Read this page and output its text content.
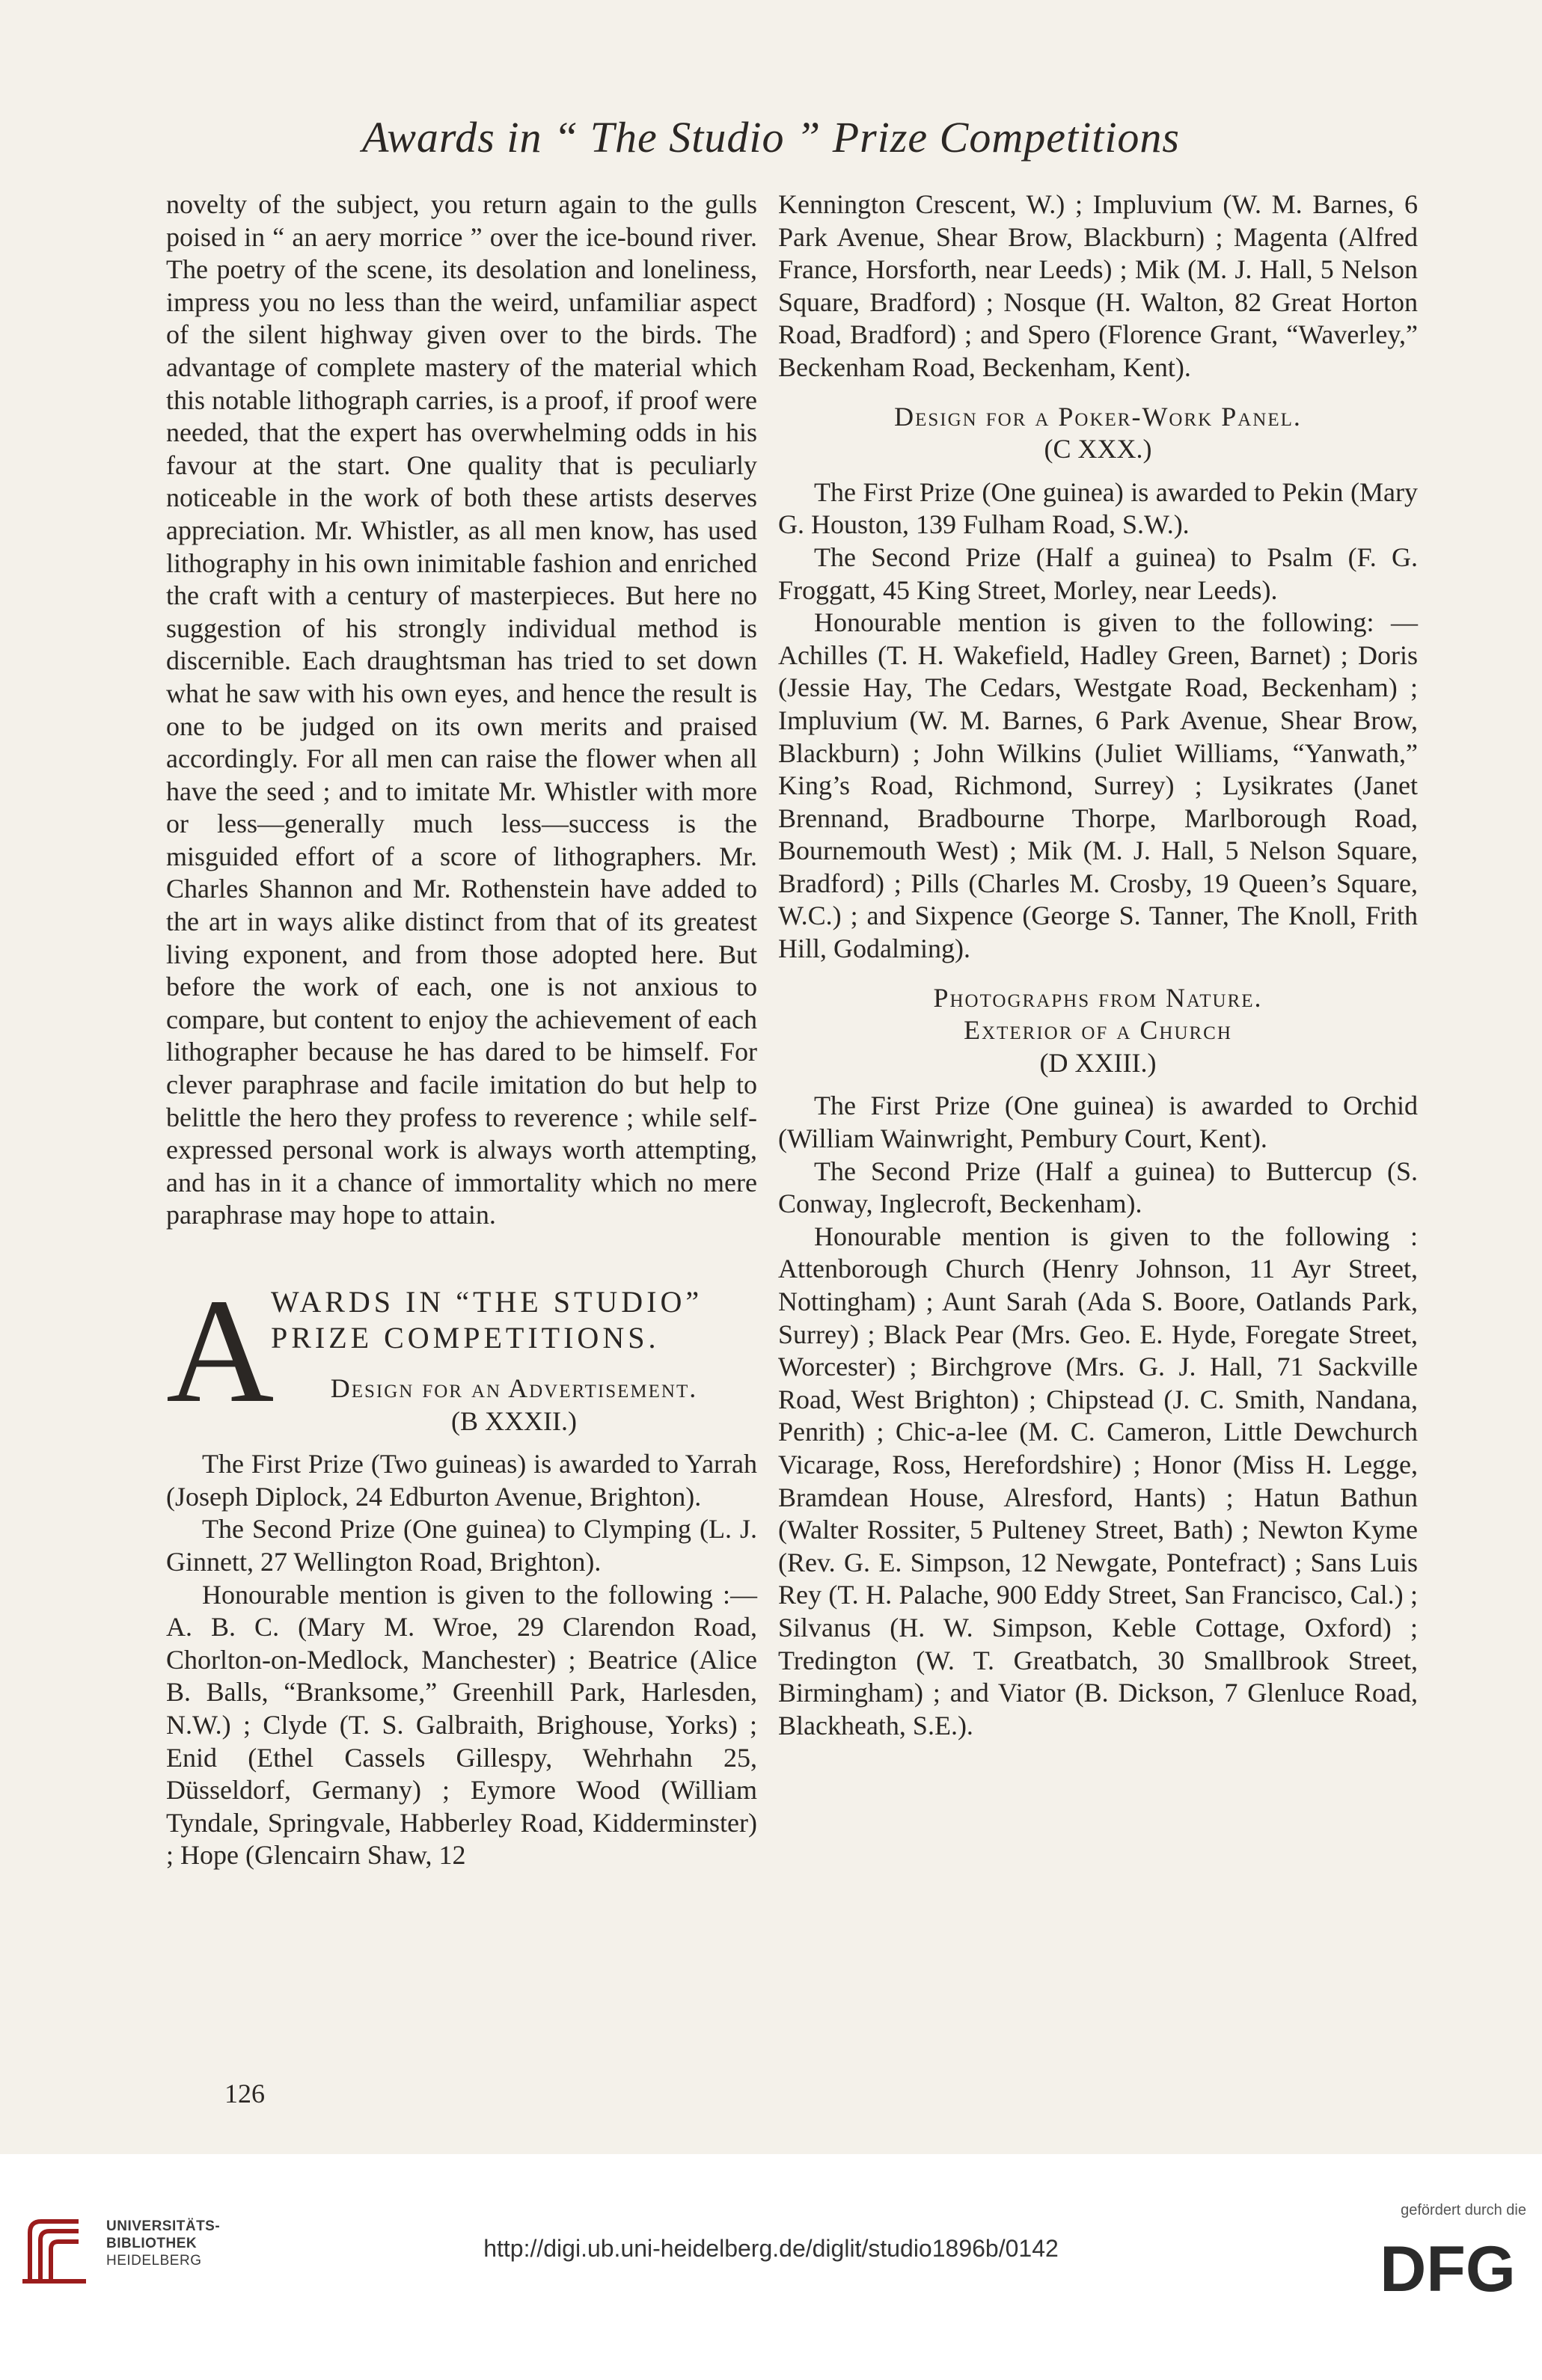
Awards in “ The Studio ” Prize Competitions

novelty of the subject, you return again to the gulls poised in “ an aery morrice ” over the ice-bound river. The poetry of the scene, its desolation and loneliness, impress you no less than the weird, unfamiliar aspect of the silent highway given over to the birds. The advantage of complete mastery of the material which this notable lithograph carries, is a proof, if proof were needed, that the expert has overwhelming odds in his favour at the start. One quality that is peculiarly noticeable in the work of both these artists deserves appreciation. Mr. Whistler, as all men know, has used lithography in his own inimitable fashion and enriched the craft with a century of masterpieces. But here no suggestion of his strongly individual method is discernible. Each draughtsman has tried to set down what he saw with his own eyes, and hence the result is one to be judged on its own merits and praised accordingly. For all men can raise the flower when all have the seed ; and to imitate Mr. Whistler with more or less—generally much less—success is the misguided effort of a score of lithographers. Mr. Charles Shannon and Mr. Rothenstein have added to the art in ways alike distinct from that of its greatest living exponent, and from those adopted here. But before the work of each, one is not anxious to compare, but content to enjoy the achievement of each lithographer because he has dared to be himself. For clever paraphrase and facile imitation do but help to belittle the hero they profess to reverence ; while self-expressed personal work is always worth attempting, and has in it a chance of immortality which no mere paraphrase may hope to attain.

A

WARDS IN “THE STUDIO”

PRIZE COMPETITIONS.

Design for an Advertisement.

(B XXXII.)

The First Prize (Two guineas) is awarded to Yarrah (Joseph Diplock, 24 Edburton Avenue, Brighton).

The Second Prize (One guinea) to Clymping (L. J. Ginnett, 27 Wellington Road, Brighton).

Honourable mention is given to the following :— A. B. C. (Mary M. Wroe, 29 Clarendon Road, Chorlton-on-Medlock, Manchester) ; Beatrice (Alice B. Balls, “Branksome,” Greenhill Park, Harlesden, N.W.) ; Clyde (T. S. Galbraith, Brighouse, Yorks) ; Enid (Ethel Cassels Gillespy, Wehrhahn 25, Düsseldorf, Germany) ; Eymore Wood (William Tyndale, Springvale, Habberley Road, Kidderminster) ; Hope (Glencairn Shaw, 12

Kennington Crescent, W.) ; Impluvium (W. M. Barnes, 6 Park Avenue, Shear Brow, Blackburn) ; Magenta (Alfred France, Horsforth, near Leeds) ; Mik (M. J. Hall, 5 Nelson Square, Bradford) ; Nosque (H. Walton, 82 Great Horton Road, Bradford) ; and Spero (Florence Grant, “Waverley,” Beckenham Road, Beckenham, Kent).

Design for a Poker-Work Panel.

(C XXX.)

The First Prize (One guinea) is awarded to Pekin (Mary G. Houston, 139 Fulham Road, S.W.).

The Second Prize (Half a guinea) to Psalm (F. G. Froggatt, 45 King Street, Morley, near Leeds).

Honourable mention is given to the following: —Achilles (T. H. Wakefield, Hadley Green, Barnet) ; Doris (Jessie Hay, The Cedars, Westgate Road, Beckenham) ; Impluvium (W. M. Barnes, 6 Park Avenue, Shear Brow, Blackburn) ; John Wilkins (Juliet Williams, “Yanwath,” King’s Road, Richmond, Surrey) ; Lysikrates (Janet Brennand, Bradbourne Thorpe, Marlborough Road, Bournemouth West) ; Mik (M. J. Hall, 5 Nelson Square, Bradford) ; Pills (Charles M. Crosby, 19 Queen’s Square, W.C.) ; and Sixpence (George S. Tanner, The Knoll, Frith Hill, Godalming).

Photographs from Nature.

Exterior of a Church

(D XXIII.)

The First Prize (One guinea) is awarded to Orchid (William Wainwright, Pembury Court, Kent).

The Second Prize (Half a guinea) to Buttercup (S. Conway, Inglecroft, Beckenham).

Honourable mention is given to the following : Attenborough Church (Henry Johnson, 11 Ayr Street, Nottingham) ; Aunt Sarah (Ada S. Boore, Oatlands Park, Surrey) ; Black Pear (Mrs. Geo. E. Hyde, Foregate Street, Worcester) ; Birchgrove (Mrs. G. J. Hall, 71 Sackville Road, West Brighton) ; Chipstead (J. C. Smith, Nandana, Penrith) ; Chic-a-lee (M. C. Cameron, Little Dewchurch Vicarage, Ross, Herefordshire) ; Honor (Miss H. Legge, Bramdean House, Alresford, Hants) ; Hatun Bathun (Walter Rossiter, 5 Pulteney Street, Bath) ; Newton Kyme (Rev. G. E. Simpson, 12 Newgate, Pontefract) ; Sans Luis Rey (T. H. Palache, 900 Eddy Street, San Francisco, Cal.) ; Silvanus (H. W. Simpson, Keble Cottage, Oxford) ; Tredington (W. T. Greatbatch, 30 Smallbrook Street, Birmingham) ; and Viator (B. Dickson, 7 Glenluce Road, Blackheath, S.E.).

126
UNIVERSITÄTS-
BIBLIOTHEK
HEIDELBERG	http://digi.ub.uni-heidelberg.de/diglit/studio1896b/0142
gefördert durch die
DFG
